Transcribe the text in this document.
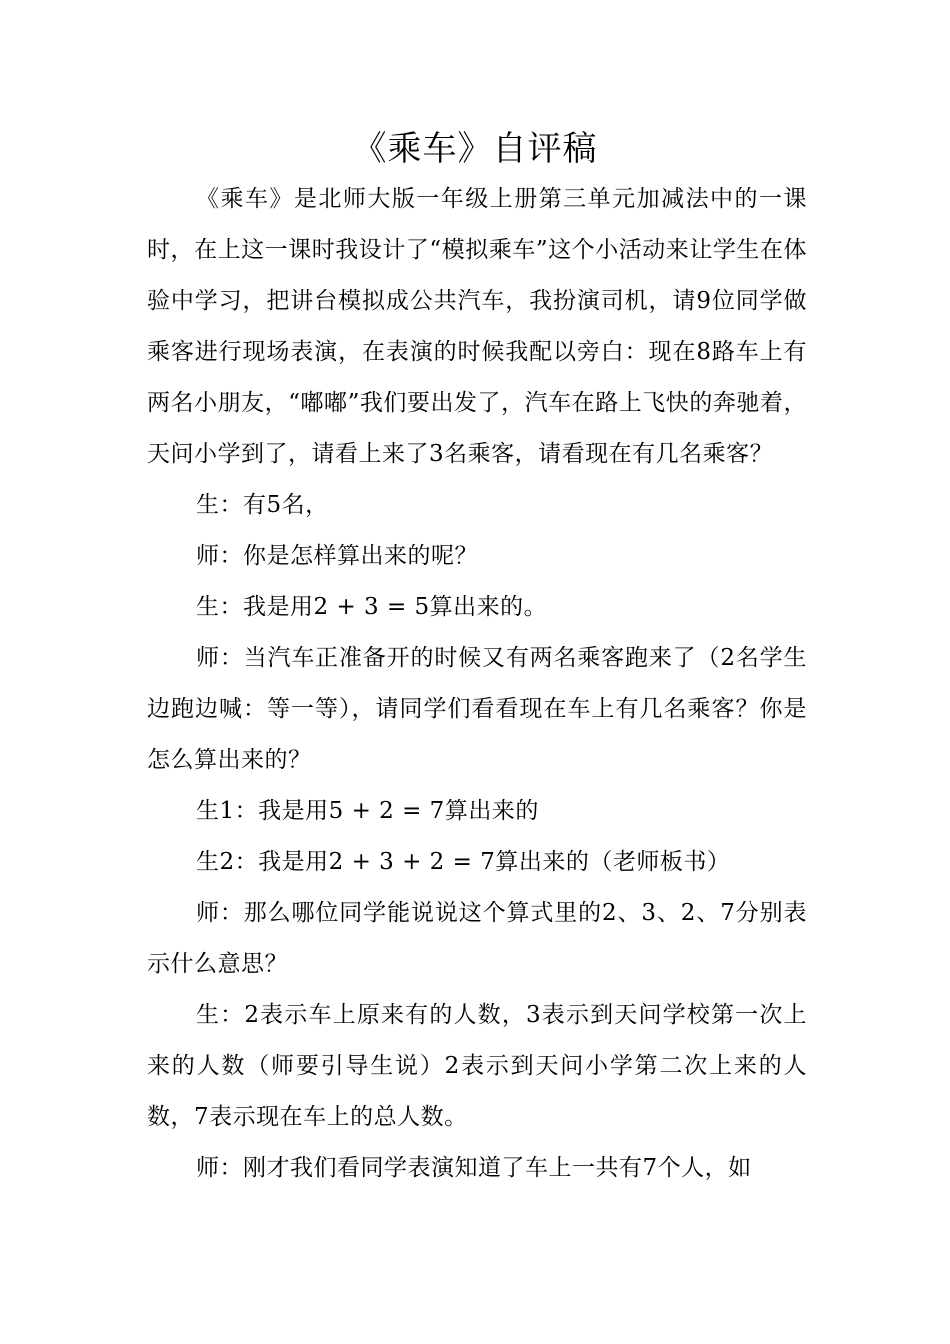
《乘车》自评稿

《乘车》是北师大版一年级上册第三单元加减法中的一课时，在上这一课时我设计了“模拟乘车”这个小活动来让学生在体验中学习，把讲台模拟成公共汽车，我扮演司机，请9位同学做乘客进行现场表演，在表演的时候我配以旁白：现在8路车上有两名小朋友，“嘟嘟”我们要出发了，汽车在路上飞快的奔驰着，天问小学到了，请看上来了3名乘客，请看现在有几名乘客？

生：有5名，

师：你是怎样算出来的呢？

生：我是用2 + 3 = 5算出来的。

师：当汽车正准备开的时候又有两名乘客跑来了（2名学生边跑边喊：等一等），请同学们看看现在车上有几名乘客？你是怎么算出来的？

生1：我是用5 + 2 = 7算出来的

生2：我是用2 + 3 + 2 = 7算出来的（老师板书）

师：那么哪位同学能说说这个算式里的2、3、2、7分别表示什么意思？

生：2表示车上原来有的人数，3表示到天问学校第一次上来的人数（师要引导生说）2表示到天问小学第二次上来的人数，7表示现在车上的总人数。

师：刚才我们看同学表演知道了车上一共有7个人，如
